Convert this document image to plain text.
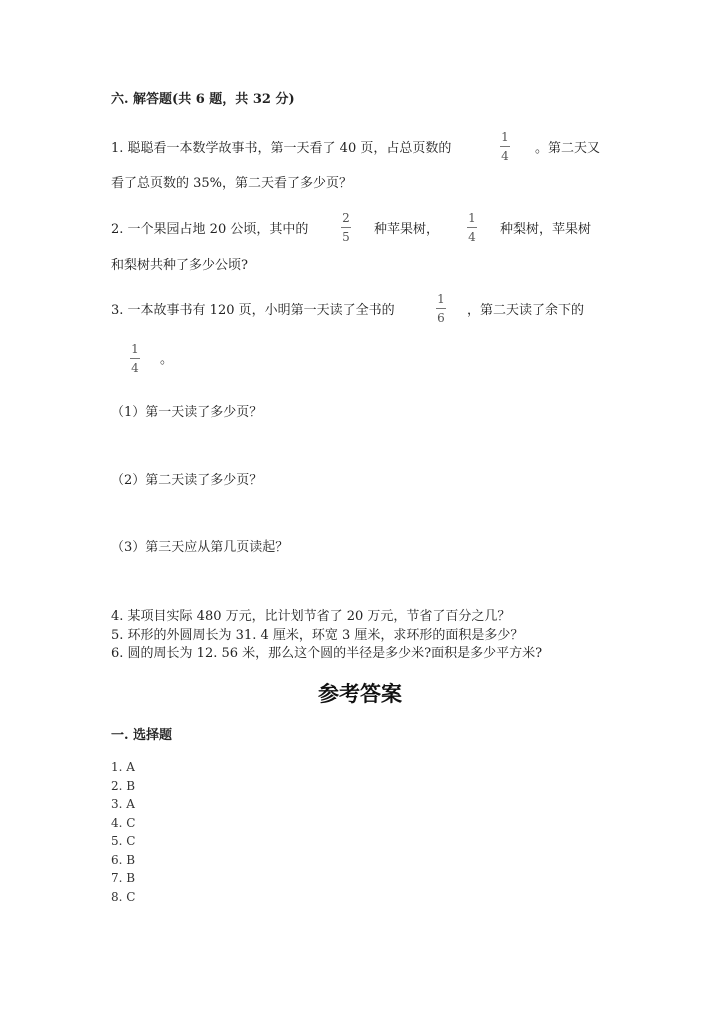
六. 解答题(共 6 题，共 32 分)
1. 聪聪看一本数学故事书，第一天看了 40 页，占总页数的
1
4 。第二天又
看了总页数的 35%，第二天看了多少页？
2. 一个果园占地 20 公顷，其中的
2
5 种苹果树，
1
4 种梨树，苹果树
和梨树共种了多少公顷?
3. 一本故事书有 120 页，小明第一天读了全书的
1
6 ，第二天读了余下的
1
4
。
（1）第一天读了多少页？
（2）第二天读了多少页？
（3）第三天应从第几页读起？
4. 某项目实际 480 万元，比计划节省了 20 万元，节省了百分之几？
5. 环形的外圆周长为 31. 4 厘米，环宽 3 厘米，求环形的面积是多少？
6. 圆的周长为 12. 56 米，那么这个圆的半径是多少米?面积是多少平方米?
参考答案
一. 选择题
1. A
2. B
3. A
4. C
5. C
6. B
7. B
8. C
